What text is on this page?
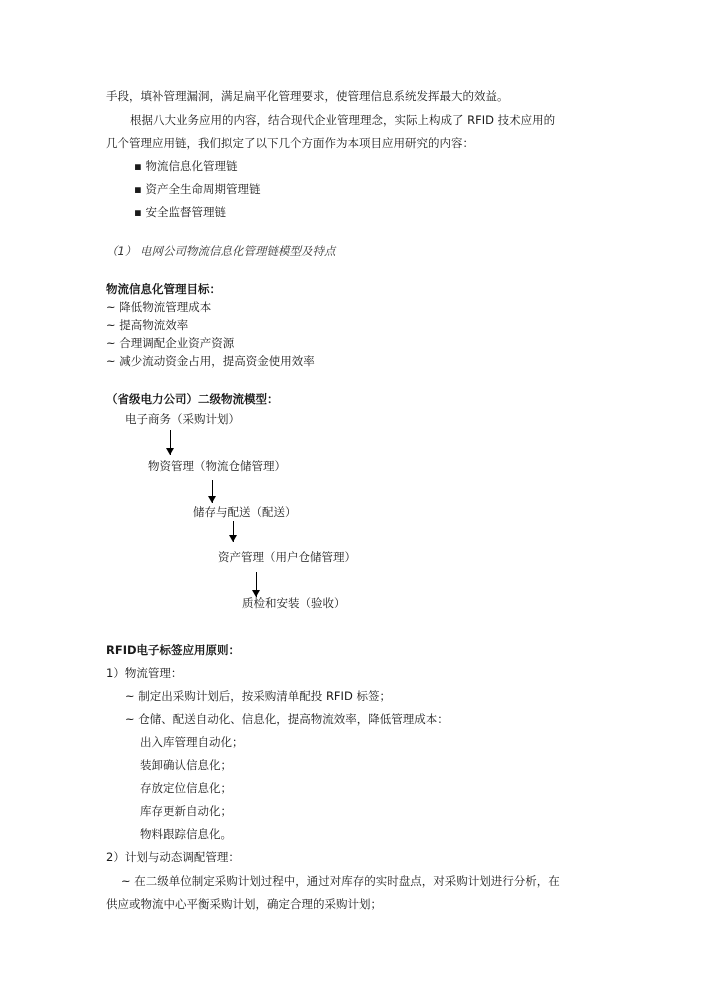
手段，填补管理漏洞，满足扁平化管理要求，使管理信息系统发挥最大的效益。
根据八大业务应用的内容，结合现代企业管理理念，实际上构成了 RFID 技术应用的
几个管理应用链，我们拟定了以下几个方面作为本项目应用研究的内容：
▪ 物流信息化管理链
▪ 资产全生命周期管理链
▪ 安全监督管理链
（1） 电网公司物流信息化管理链模型及特点
物流信息化管理目标：
~ 降低物流管理成本
~ 提高物流效率
~ 合理调配企业资产资源
~ 减少流动资金占用，提高资金使用效率
（省级电力公司）二级物流模型：
电子商务（采购计划）
物资管理（物流仓储管理）
储存与配送（配送）
资产管理（用户仓储管理）
质检和安装（验收）
RFID电子标签应用原则：
1）物流管理：
~ 制定出采购计划后，按采购清单配投 RFID 标签；
~ 仓储、配送自动化、信息化，提高物流效率，降低管理成本：
出入库管理自动化；
装卸确认信息化；
存放定位信息化；
库存更新自动化；
物料跟踪信息化。
2）计划与动态调配管理：
~ 在二级单位制定采购计划过程中，通过对库存的实时盘点，对采购计划进行分析，在
供应或物流中心平衡采购计划，确定合理的采购计划；
